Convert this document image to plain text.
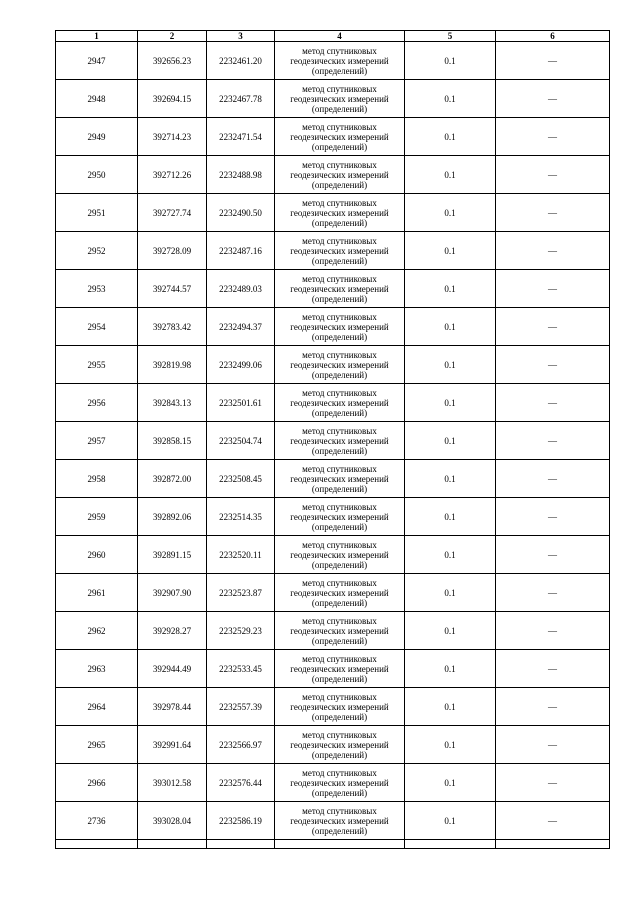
1	2	3	4	5	6
2947	392656.23	2232461.20	метод спутниковых
геодезических измерений
(определений)	0.1	—
2948	392694.15	2232467.78	метод спутниковых
геодезических измерений
(определений)	0.1	—
2949	392714.23	2232471.54	метод спутниковых
геодезических измерений
(определений)	0.1	—
2950	392712.26	2232488.98	метод спутниковых
геодезических измерений
(определений)	0.1	—
2951	392727.74	2232490.50	метод спутниковых
геодезических измерений
(определений)	0.1	—
2952	392728.09	2232487.16	метод спутниковых
геодезических измерений
(определений)	0.1	—
2953	392744.57	2232489.03	метод спутниковых
геодезических измерений
(определений)	0.1	—
2954	392783.42	2232494.37	метод спутниковых
геодезических измерений
(определений)	0.1	—
2955	392819.98	2232499.06	метод спутниковых
геодезических измерений
(определений)	0.1	—
2956	392843.13	2232501.61	метод спутниковых
геодезических измерений
(определений)	0.1	—
2957	392858.15	2232504.74	метод спутниковых
геодезических измерений
(определений)	0.1	—
2958	392872.00	2232508.45	метод спутниковых
геодезических измерений
(определений)	0.1	—
2959	392892.06	2232514.35	метод спутниковых
геодезических измерений
(определений)	0.1	—
2960	392891.15	2232520.11	метод спутниковых
геодезических измерений
(определений)	0.1	—
2961	392907.90	2232523.87	метод спутниковых
геодезических измерений
(определений)	0.1	—
2962	392928.27	2232529.23	метод спутниковых
геодезических измерений
(определений)	0.1	—
2963	392944.49	2232533.45	метод спутниковых
геодезических измерений
(определений)	0.1	—
2964	392978.44	2232557.39	метод спутниковых
геодезических измерений
(определений)	0.1	—
2965	392991.64	2232566.97	метод спутниковых
геодезических измерений
(определений)	0.1	—
2966	393012.58	2232576.44	метод спутниковых
геодезических измерений
(определений)	0.1	—
2736	393028.04	2232586.19	метод спутниковых
геодезических измерений
(определений)	0.1	—
